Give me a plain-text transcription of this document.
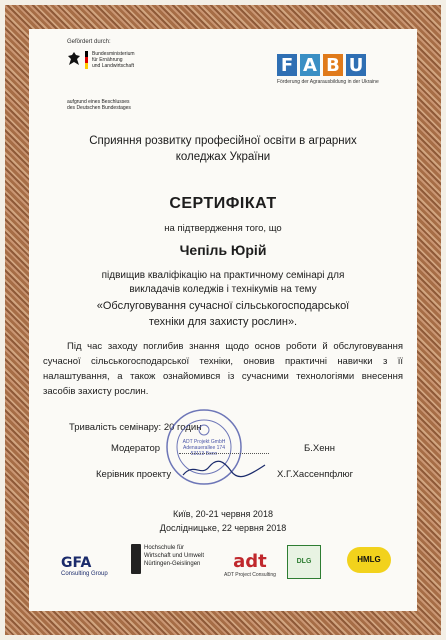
Gefördert durch:
Bundesministerium
für Ernährung
und Landwirtschaft
aufgrund eines Beschlusses
des Deutschen Bundestages
F A B U
Förderung der Agrarausbildung in der Ukraine
Сприяння розвитку професійної освіти в аграрних
коледжах України
СЕРТИФІКАТ
на підтвердження того, що
Чепіль Юрій
підвищив кваліфікацію на практичному семінарі для
викладачів коледжів і технікумів на тему
«Обслуговування сучасної сільськогосподарської
техніки для захисту рослин».
Під час заходу поглибив знання щодо основ роботи й обслуговування сучасної сільськогосподарської техніки, оновив практичні навички з її налаштування, а також ознайомився із сучасними технологіями внесення засобів захисту рослин.
Тривалість семінару: 20 годин
ADT Projekt GmbH
Adenauerallee 174
53113 Bonn
Модератор	Б.Хенн
Керівник проекту	Х.Г.Хассенпфлюг
Київ, 20-21 червня 2018
Дослідницьке, 22 червня 2018
GFA
Consulting Group
Hochschule für
Wirtschaft und Umwelt
Nürtingen-Geislingen	adt
ADT Project Consulting
DLG	HMLG
